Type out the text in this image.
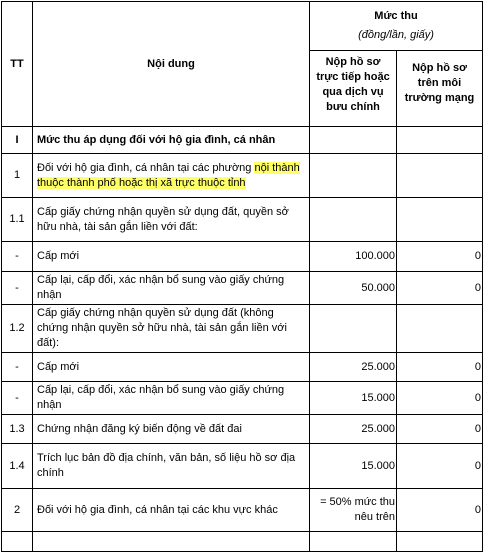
TT	Nội dung	Mức thu
(đồng/lần, giấy)	

		Nộp hồ sơ trực tiếp hoặc qua dịch vụ bưu chính	Nộp hồ sơ trên môi trường mạng
I	Mức thu áp dụng đối với hộ gia đình, cá nhân		
1	Đối với hộ gia đình, cá nhân tại các phường nội thành thuộc thành phố hoặc thị xã trực thuộc tỉnh		
1.1	Cấp giấy chứng nhận quyền sử dụng đất, quyền sở hữu nhà, tài sản gắn liền với đất:		
-	Cấp mới	100.000	0
-	Cấp lại, cấp đổi, xác nhận bổ sung vào giấy chứng nhận	50.000	0
1.2	Cấp giấy chứng nhận quyền sử dụng đất (không chứng nhận quyền sở hữu nhà, tài sản gắn liền với đất):		
-	Cấp mới	25.000	0
-	Cấp lại, cấp đổi, xác nhận bổ sung vào giấy chứng nhận	15.000	0
1.3	Chứng nhận đăng ký biến động về đất đai	25.000	0
1.4	Trích lục bản đồ địa chính, văn bản, số liệu hồ sơ địa chính	15.000	0
2	Đối với hộ gia đình, cá nhân tại các khu vực khác	= 50% mức thu nêu trên	0
